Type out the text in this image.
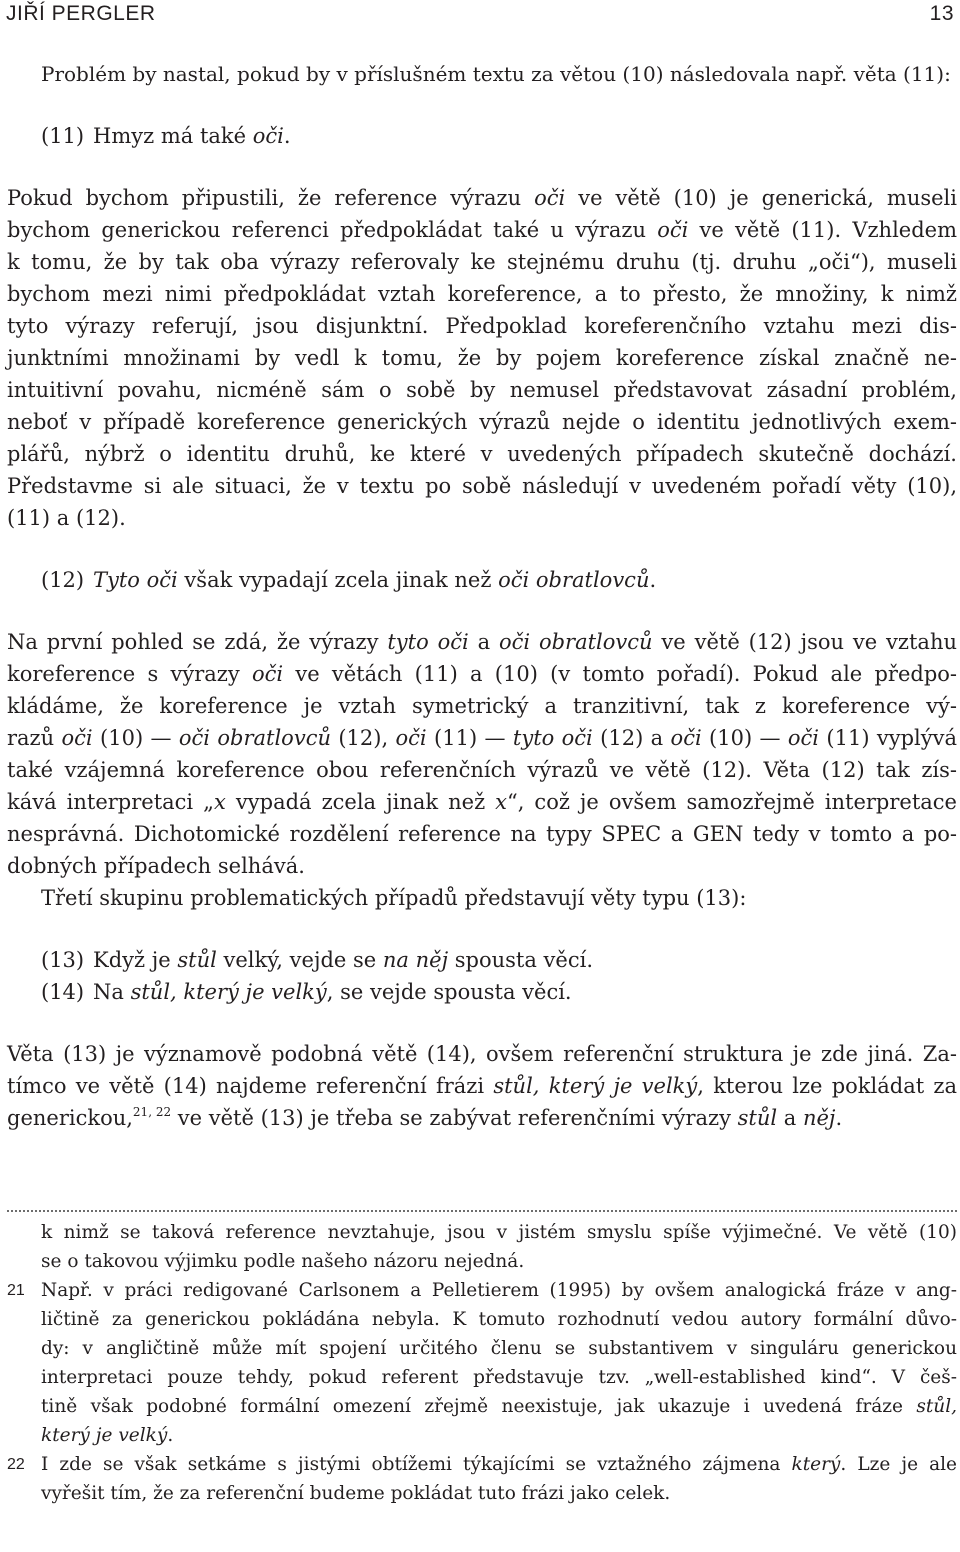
JIŘÍ PERGLER	13
Problém by nastal, pokud by v příslušném textu za větou (10) následovala např. věta (11):
(11) Hmyz má také oči.
Pokud bychom připustili, že reference výrazu oči ve větě (10) je generická, museli
bychom generickou referenci předpokládat také u výrazu oči ve větě (11). Vzhledem
k tomu, že by tak oba výrazy referovaly ke stejnému druhu (tj. druhu „oči“), museli
bychom mezi nimi předpokládat vztah koreference, a to přesto, že množiny, k nimž
tyto výrazy referují, jsou disjunktní. Předpoklad koreferenčního vztahu mezi dis-
junktními množinami by vedl k tomu, že by pojem koreference získal značně ne-
intuitivní povahu, nicméně sám o sobě by nemusel představovat zásadní problém,
neboť v případě koreference generických výrazů nejde o identitu jednotlivých exem-
plářů, nýbrž o identitu druhů, ke které v uvedených případech skutečně dochází.
Představme si ale situaci, že v textu po sobě následují v uvedeném pořadí věty (10),
(11) a (12).
(12) Tyto oči však vypadají zcela jinak než oči obratlovců.
Na první pohled se zdá, že výrazy tyto oči a oči obratlovců ve větě (12) jsou ve vztahu
koreference s výrazy oči ve větách (11) a (10) (v tomto pořadí). Pokud ale předpo-
kládáme, že koreference je vztah symetrický a tranzitivní, tak z koreference vý-
razů oči (10) — oči obratlovců (12), oči (11) — tyto oči (12) a oči (10) — oči (11) vyplývá
také vzájemná koreference obou referenčních výrazů ve větě (12). Věta (12) tak zís-
kává interpretaci „x vypadá zcela jinak než x“, což je ovšem samozřejmě interpretace
nesprávná. Dichotomické rozdělení reference na typy SPEC a GEN tedy v tomto a po-
dobných případech selhává.
Třetí skupinu problematických případů představují věty typu (13):
(13) Když je stůl velký, vejde se na něj spousta věcí.
(14) Na stůl, který je velký, se vejde spousta věcí.
Věta (13) je významově podobná větě (14), ovšem referenční struktura je zde jiná. Za-
tímco ve větě (14) najdeme referenční frázi stůl, který je velký, kterou lze pokládat za
generickou,$^{21, 22}$ ve větě (13) je třeba se zabývat referenčními výrazy stůl a něj.
k nimž se taková reference nevztahuje, jsou v jistém smyslu spíše výjimečné. Ve větě (10)
se o takovou výjimku podle našeho názoru nejedná.
21 Např. v práci redigované Carlsonem a Pelletierem (1995) by ovšem analogická fráze v ang-
ličtině za generickou pokládána nebyla. K tomuto rozhodnutí vedou autory formální důvo-
dy: v angličtině může mít spojení určitého členu se substantivem v singuláru generickou
interpretaci pouze tehdy, pokud referent představuje tzv. „well-established kind“. V češ-
tině však podobné formální omezení zřejmě neexistuje, jak ukazuje i uvedená fráze stůl,
který je velký.
22 I zde se však setkáme s jistými obtížemi týkajícími se vztažného zájmena který. Lze je ale
vyřešit tím, že za referenční budeme pokládat tuto frázi jako celek.
